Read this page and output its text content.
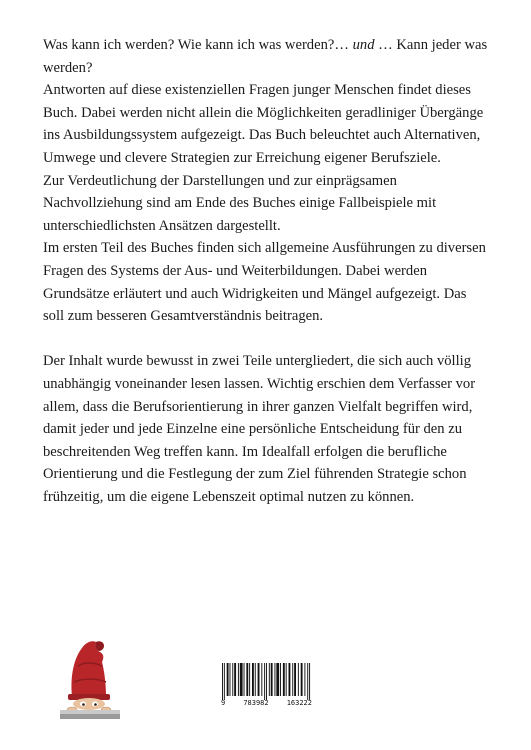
Was kann ich werden? Wie kann ich was werden?… und … Kann jeder was werden?

Antworten auf diese existenziellen Fragen junger Menschen findet dieses Buch. Dabei werden nicht allein die Möglichkeiten geradliniger Übergänge ins Ausbildungssystem aufgezeigt. Das Buch beleuchtet auch Alternativen, Umwege und clevere Strategien zur Erreichung eigener Berufsziele.

Zur Verdeutlichung der Darstellungen und zur einprägsamen Nachvollziehung sind am Ende des Buches einige Fallbeispiele mit unterschiedlichsten Ansätzen dargestellt.

Im ersten Teil des Buches finden sich allgemeine Ausführungen zu diversen Fragen des Systems der Aus- und Weiterbildungen. Dabei werden Grundsätze erläutert und auch Widrigkeiten und Mängel aufgezeigt. Das soll zum besseren Gesamtverständnis beitragen.

Der Inhalt wurde bewusst in zwei Teile untergliedert, die sich auch völlig unabhängig voneinander lesen lassen. Wichtig erschien dem Verfasser vor allem, dass die Berufsorientierung in ihrer ganzen Vielfalt begriffen wird, damit jeder und jede Einzelne eine persönliche Entscheidung für den zu beschreitenden Weg treffen kann. Im Idealfall erfolgen die berufliche Orientierung und die Festlegung der zum Ziel führenden Strategie schon frühzeitig, um die eigene Lebenszeit optimal nutzen zu können.

9	783982	163222
